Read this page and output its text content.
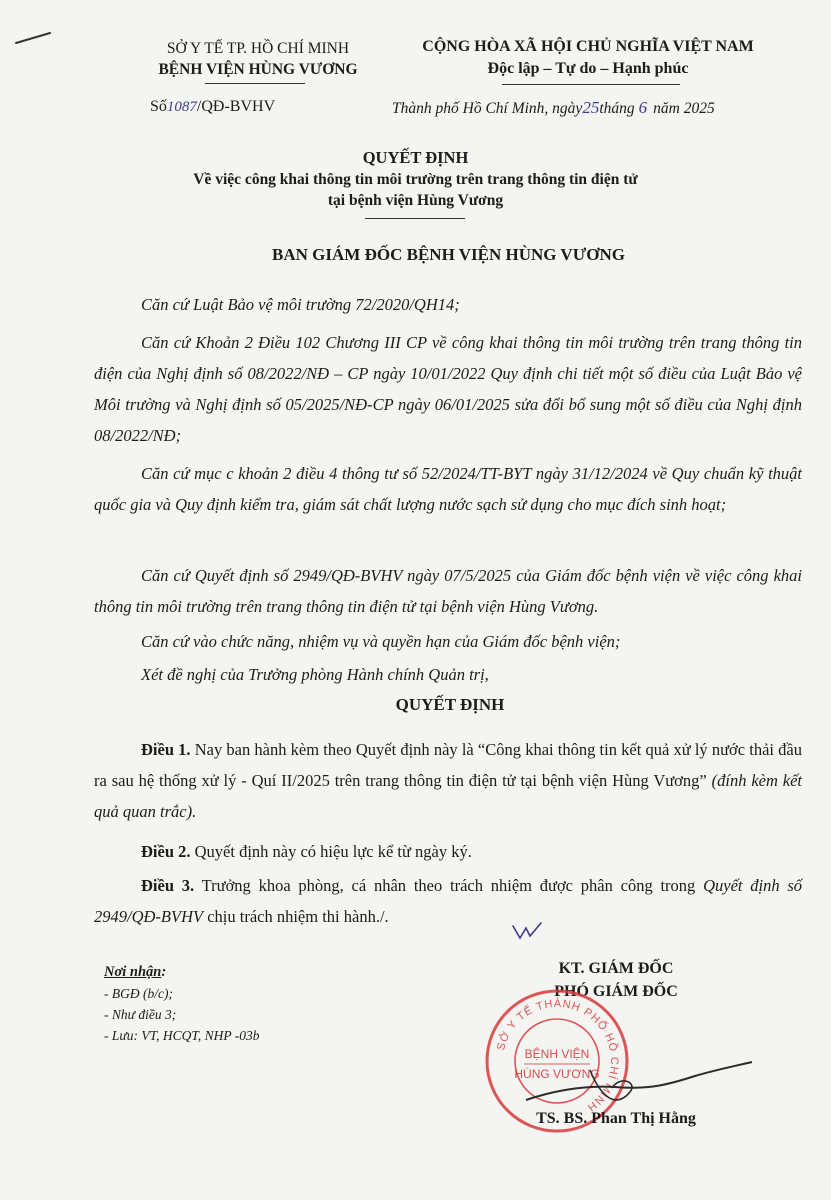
SỞ Y TẾ TP. HỒ CHÍ MINH
BỆNH VIỆN HÙNG VƯƠNG
Số1087/QĐ-BVHV
CỘNG HÒA XÃ HỘI CHỦ NGHĨA VIỆT NAM
Độc lập – Tự do – Hạnh phúc
Thành phố Hồ Chí Minh, ngày25tháng 6 năm 2025
QUYẾT ĐỊNH
Về việc công khai thông tin môi trường trên trang thông tin điện tử
tại bệnh viện Hùng Vương
BAN GIÁM ĐỐC BỆNH VIỆN HÙNG VƯƠNG
Căn cứ Luật Bảo vệ môi trường 72/2020/QH14;
Căn cứ Khoản 2 Điều 102 Chương III CP về công khai thông tin môi trường trên trang thông tin điện của Nghị định số 08/2022/NĐ – CP ngày 10/01/2022 Quy định chi tiết một số điều của Luật Bảo vệ Môi trường và Nghị định số 05/2025/NĐ-CP ngày 06/01/2025 sửa đổi bổ sung một số điều của Nghị định 08/2022/NĐ;
Căn cứ mục c khoản 2 điều 4 thông tư số 52/2024/TT-BYT ngày 31/12/2024 về Quy chuẩn kỹ thuật quốc gia và Quy định kiểm tra, giám sát chất lượng nước sạch sử dụng cho mục đích sinh hoạt;
Căn cứ Quyết định số 2949/QĐ-BVHV ngày 07/5/2025 của Giám đốc bệnh viện về việc công khai thông tin môi trường trên trang thông tin điện tử tại bệnh viện Hùng Vương.
Căn cứ vào chức năng, nhiệm vụ và quyền hạn của Giám đốc bệnh viện;
Xét đề nghị của Trưởng phòng Hành chính Quản trị,
QUYẾT ĐỊNH
Điều 1. Nay ban hành kèm theo Quyết định này là “Công khai thông tin kết quả xử lý nước thải đầu ra sau hệ thống xử lý - Quí II/2025 trên trang thông tin điện tử tại bệnh viện Hùng Vương” (đính kèm kết quả quan trắc).
Điều 2. Quyết định này có hiệu lực kể từ ngày ký.
Điều 3. Trưởng khoa phòng, cá nhân theo trách nhiệm được phân công trong Quyết định số 2949/QĐ-BVHV chịu trách nhiệm thi hành./.
Nơi nhận:
- BGĐ (b/c);
- Như điều 3;
- Lưu: VT, HCQT, NHP -03b
KT. GIÁM ĐỐC
PHÓ GIÁM ĐỐC
SỞ Y TẾ THÀNH PHỐ HỒ CHÍ MINH
BỆNH VIỆN
HÙNG VƯƠNG
TS. BS. Phan Thị Hằng
